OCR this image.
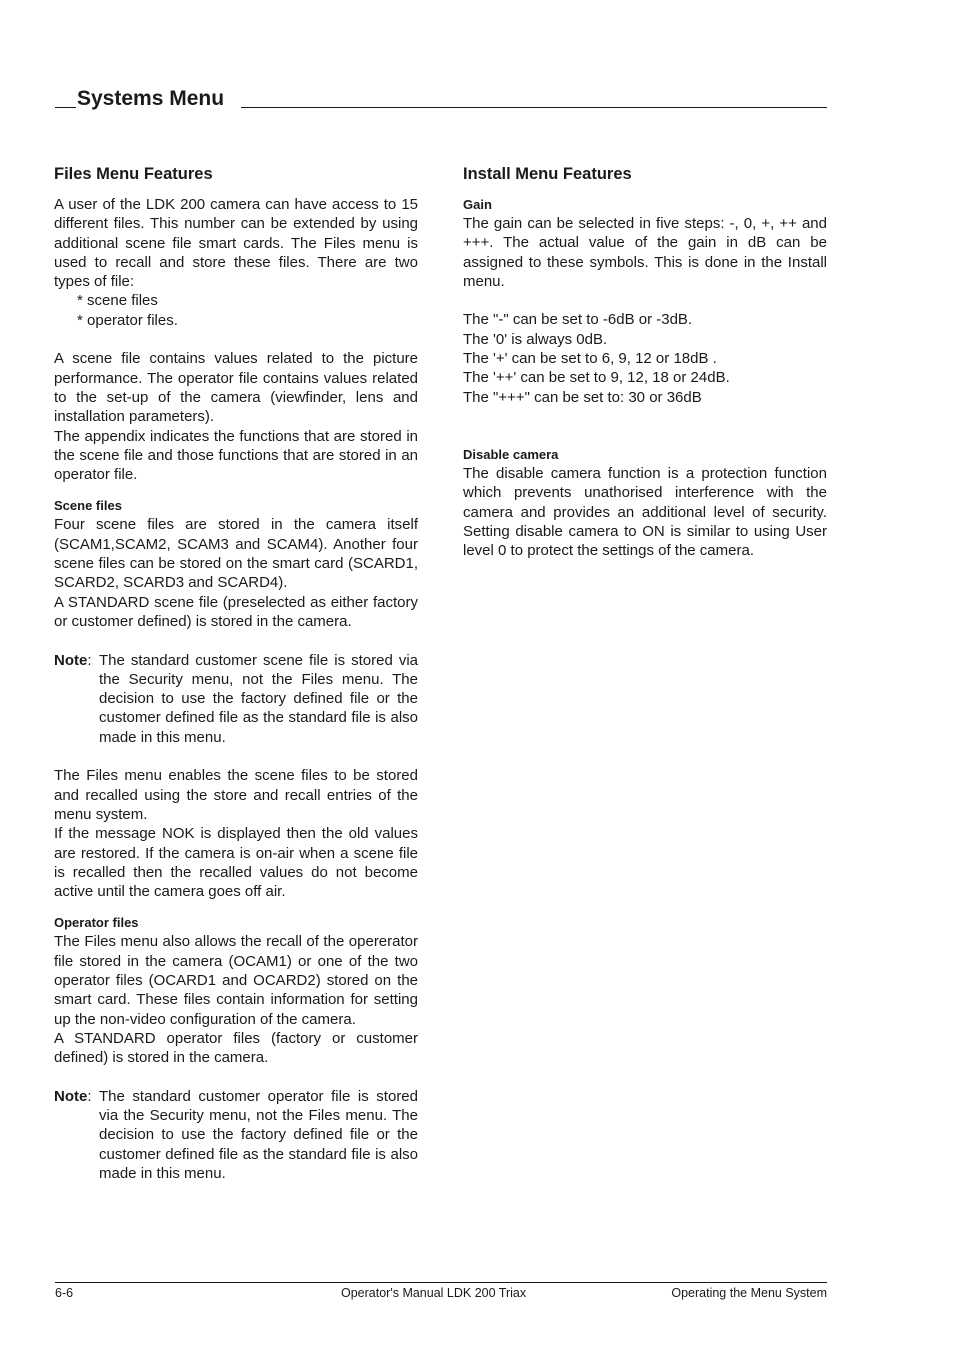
Systems Menu
Files Menu Features

A user of the LDK 200 camera can have access to 15 different files. This number can be extended by using additional scene file smart cards. The Files menu is used to recall and store these files. There are two types of file:

* scene files
* operator files.

A scene file contains values related to the picture performance. The operator file contains values related to the set-up of the camera (viewfinder, lens and installation parameters).

The appendix indicates the functions that are stored in the scene file and those functions that are stored in an operator file.

Scene files

Four scene files are stored in the camera itself (SCAM1,SCAM2, SCAM3 and SCAM4). Another four scene files can be stored on the smart card (SCARD1, SCARD2, SCARD3 and SCARD4).

A STANDARD scene file (preselected as either factory or customer defined) is stored in the camera.

Note: The standard customer scene file is stored via the Security menu, not the Files menu. The decision to use the factory defined file or the customer defined file as the standard file is also made in this menu.

The Files menu enables the scene files to be stored and recalled using the store and recall entries of the menu system.

If the message NOK is displayed then the old values are restored. If the camera is on-air when a scene file is recalled then the recalled values do not become active until the camera goes off air.

Operator files

The Files menu also allows the recall of the opererator file stored in the camera (OCAM1) or one of the two operator files (OCARD1 and OCARD2) stored on the smart card. These files contain information for setting up the non-video configuration of the camera.

A STANDARD operator files (factory or customer defined) is stored in the camera.

Note: The standard customer operator file is stored via the Security menu, not the Files menu. The decision to use the factory defined file or the customer defined file as the standard file is also made in this menu.
Install Menu Features
Gain

The gain can be selected in five steps: -, 0, +, ++ and +++. The actual value of the gain in dB can be assigned to these symbols. This is done in the Install menu.

The "-" can be set to -6dB or -3dB.
The '0' is always 0dB.
The '+' can be set to 6, 9, 12 or 18dB .
The '++' can be set to 9, 12, 18 or 24dB.
The "+++" can be set to: 30 or 36dB
Disable camera

The disable camera function is a protection function which prevents unathorised interference with the camera and provides an additional level of security. Setting disable camera to ON is similar to using User level 0 to protect the settings of the camera.

6-6	Operator's Manual LDK 200 Triax	Operating the Menu System
